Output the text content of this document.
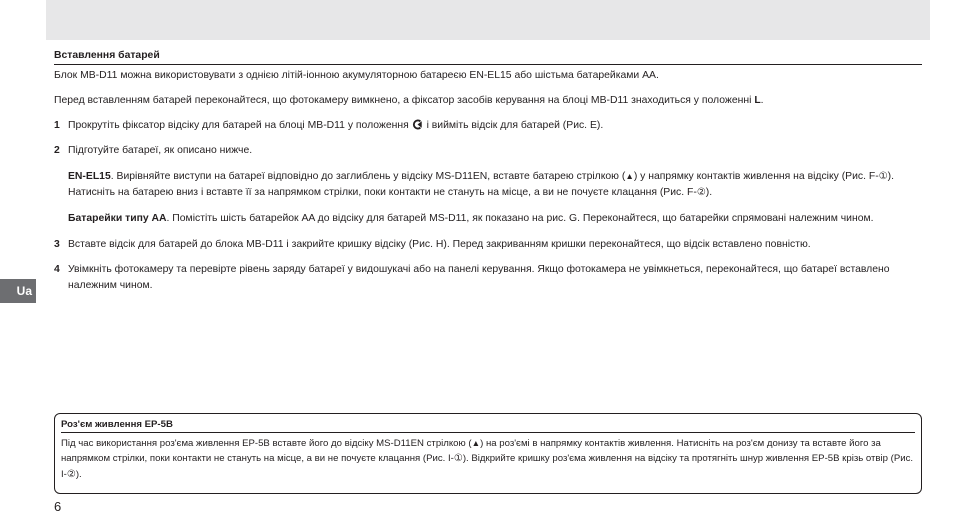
Ua
Вставлення батарей

Блок MB-D11 можна використовувати з однією літій-іонною акумуляторною батареєю EN-EL15 або шістьма батарейками AA.

Перед вставленням батарей переконайтеся, що фотокамеру вимкнено, а фіксатор засобів керування на блоці MB-D11 знаходиться у положенні L.

1 Прокрутіть фіксатор відсіку для батарей на блоці MB-D11 у положення і вийміть відсік для батарей (Рис. E).
2 Підготуйте батареї, як описано нижче.

EN-EL15. Вирівняйте виступи на батареї відповідно до заглиблень у відсіку MS-D11EN, вставте батарею стрілкою (▲) у напрямку контактів живлення на відсіку (Рис. F-①). Натисніть на батарею вниз і вставте її за напрямком стрілки, поки контакти не стануть на місце, а ви не почуєте клацання (Рис. F-②).

Батарейки типу AA. Помістіть шість батарейок AA до відсіку для батарей MS-D11, як показано на рис. G. Переконайтеся, що батарейки спрямовані належним чином.

3 Вставте відсік для батарей до блока MB-D11 і закрийте кришку відсіку (Рис. H). Перед закриванням кришки переконайтеся, що відсік вставлено повністю.
4 Увімкніть фотокамеру та перевірте рівень заряду батареї у видошукачі або на панелі керування. Якщо фотокамера не увімкнеться, переконайтеся, що батареї вставлено належним чином.
Роз'єм живлення EP-5B

Під час використання роз'єма живлення EP-5B вставте його до відсіку MS-D11EN стрілкою (▲) на роз'ємі в напрямку контактів живлення. Натисніть на роз'єм донизу та вставте його за напрямком стрілки, поки контакти не стануть на місце, а ви не почуєте клацання (Рис. I-①). Відкрийте кришку роз'єма живлення на відсіку та протягніть шнур живлення EP-5B крізь отвір (Рис. I-②).

6
